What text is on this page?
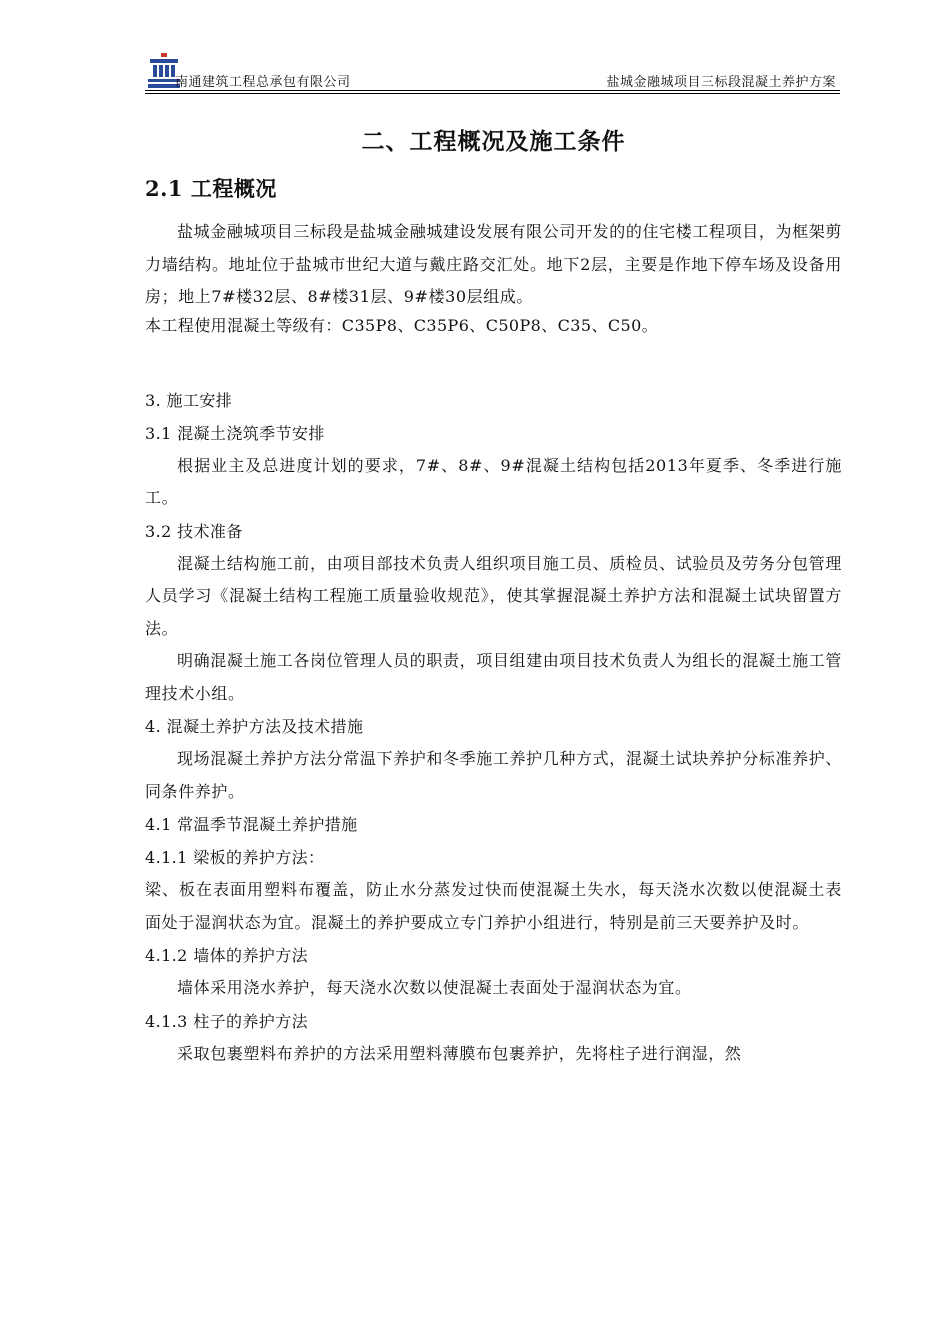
南通建筑工程总承包有限公司	盐城金融城项目三标段混凝土养护方案
二、工程概况及施工条件
2.1 工程概况

盐城金融城项目三标段是盐城金融城建设发展有限公司开发的的住宅楼工程项目，为框架剪力墙结构。地址位于盐城市世纪大道与戴庄路交汇处。地下2层，主要是作地下停车场及设备用房；地上7#楼32层、8#楼31层、9#楼30层组成。

本工程使用混凝土等级有：C35P8、C35P6、C50P8、C35、C50。

3. 施工安排

3.1 混凝土浇筑季节安排

根据业主及总进度计划的要求，7#、8#、9#混凝土结构包括2013年夏季、冬季进行施工。

3.2 技术准备

混凝土结构施工前，由项目部技术负责人组织项目施工员、质检员、试验员及劳务分包管理人员学习《混凝土结构工程施工质量验收规范》，使其掌握混凝土养护方法和混凝土试块留置方法。

明确混凝土施工各岗位管理人员的职责，项目组建由项目技术负责人为组长的混凝土施工管理技术小组。

4. 混凝土养护方法及技术措施

现场混凝土养护方法分常温下养护和冬季施工养护几种方式，混凝土试块养护分标准养护、同条件养护。

4.1 常温季节混凝土养护措施

4.1.1 梁板的养护方法：

梁、板在表面用塑料布覆盖，防止水分蒸发过快而使混凝土失水，每天浇水次数以使混凝土表面处于湿润状态为宜。混凝土的养护要成立专门养护小组进行，特别是前三天要养护及时。

4.1.2 墙体的养护方法

墙体采用浇水养护，每天浇水次数以使混凝土表面处于湿润状态为宜。

4.1.3 柱子的养护方法

采取包裹塑料布养护的方法采用塑料薄膜布包裹养护，先将柱子进行润湿，然
